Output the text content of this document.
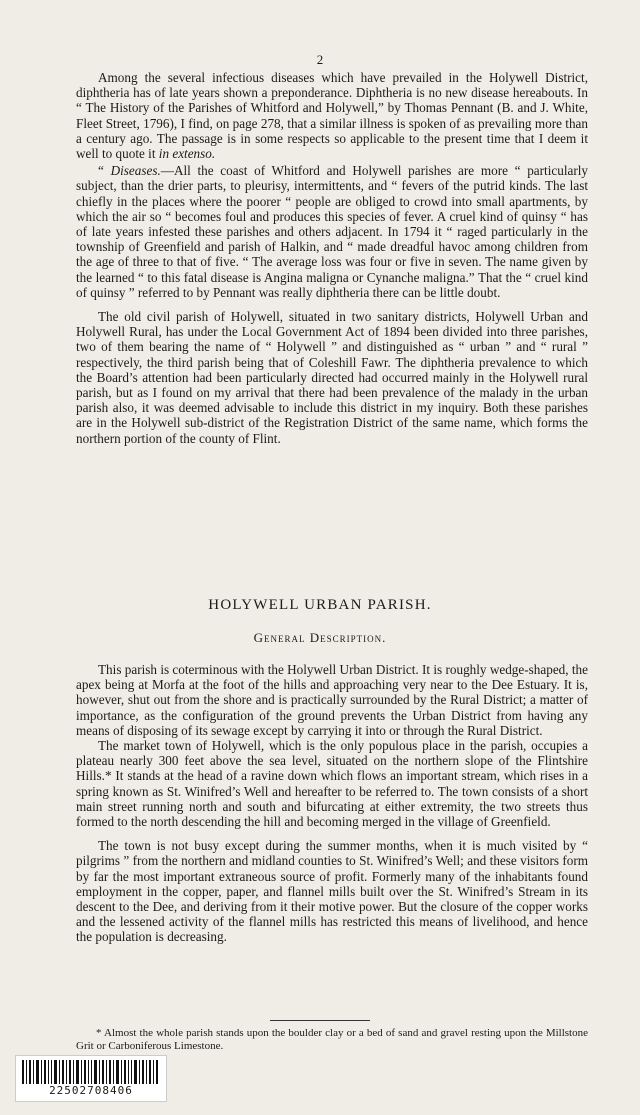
2

Among the several infectious diseases which have prevailed in the Holywell District, diphtheria has of late years shown a preponderance. Diphtheria is no new disease hereabouts. In “ The History of the Parishes of Whitford and Holywell,” by Thomas Pennant (B. and J. White, Fleet Street, 1796), I find, on page 278, that a similar illness is spoken of as prevailing more than a century ago. The passage is in some respects so applicable to the present time that I deem it well to quote it in extenso.

“ Diseases.—All the coast of Whitford and Holywell parishes are more “ particularly subject, than the drier parts, to pleurisy, intermittents, and “ fevers of the putrid kinds. The last chiefly in the places where the poorer “ people are obliged to crowd into small apartments, by which the air so “ becomes foul and produces this species of fever. A cruel kind of quinsy “ has of late years infested these parishes and others adjacent. In 1794 it “ raged particularly in the township of Greenfield and parish of Halkin, and “ made dreadful havoc among children from the age of three to that of five. “ The average loss was four or five in seven. The name given by the learned “ to this fatal disease is Angina maligna or Cynanche maligna.” That the “ cruel kind of quinsy ” referred to by Pennant was really diphtheria there can be little doubt.

The old civil parish of Holywell, situated in two sanitary districts, Holywell Urban and Holywell Rural, has under the Local Government Act of 1894 been divided into three parishes, two of them bearing the name of “ Holywell ” and distinguished as “ urban ” and “ rural ” respectively, the third parish being that of Coleshill Fawr. The diphtheria prevalence to which the Board’s attention had been particularly directed had occurred mainly in the Holywell rural parish, but as I found on my arrival that there had been prevalence of the malady in the urban parish also, it was deemed advisable to include this district in my inquiry. Both these parishes are in the Holywell sub-district of the Registration District of the same name, which forms the northern portion of the county of Flint.

HOLYWELL URBAN PARISH.
General Description.

This parish is coterminous with the Holywell Urban District. It is roughly wedge-shaped, the apex being at Morfa at the foot of the hills and approaching very near to the Dee Estuary. It is, however, shut out from the shore and is practically surrounded by the Rural District; a matter of importance, as the configuration of the ground prevents the Urban District from having any means of disposing of its sewage except by carrying it into or through the Rural District.

The market town of Holywell, which is the only populous place in the parish, occupies a plateau nearly 300 feet above the sea level, situated on the northern slope of the Flintshire Hills.* It stands at the head of a ravine down which flows an important stream, which rises in a spring known as St. Winifred’s Well and hereafter to be referred to. The town consists of a short main street running north and south and bifurcating at either extremity, the two streets thus formed to the north descending the hill and becoming merged in the village of Greenfield.

The town is not busy except during the summer months, when it is much visited by “ pilgrims ” from the northern and midland counties to St. Winifred’s Well; and these visitors form by far the most important extraneous source of profit. Formerly many of the inhabitants found employment in the copper, paper, and flannel mills built over the St. Winifred’s Stream in its descent to the Dee, and deriving from it their motive power. But the closure of the copper works and the lessened activity of the flannel mills has restricted this means of livelihood, and hence the population is decreasing.

* Almost the whole parish stands upon the boulder clay or a bed of sand and gravel resting upon the Millstone Grit or Carboniferous Limestone.

22502708406
